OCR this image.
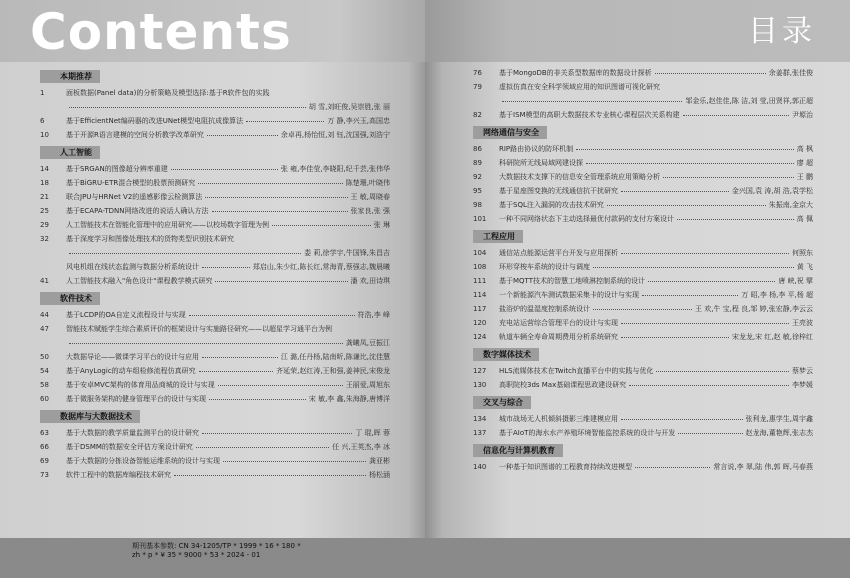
Contents
本期推荐
1	面板数据(Panel data)的分析策略及模型选择:基于R软件包的实践
胡 雪,刘旺俊,吴崇胜,张 丽
6	基于EfficientNet编码器的改进UNet模型电阻抗成像算法	万 静,李兴玉,高国忠
10	基于开源R语言建模的空间分析教学改革研究	余卓再,杨怡恒,刘 钰,沈国强,刘浩宁
人工智能
14	基于SRGAN的图像超分辨率重建	张 雍,李佳莹,李晓阳,纪千芸,张伟华
18	基于BiGRU-ETR混合模型的股票预测研究	陈楚珊,叶晓伟
21	联合JPU与HRNet V2的遥感影像云检测算法	王 敏,周晓春
25	基于ECAPA-TDNN网络改进的说话人确认方法	张家良,张 强
29	人工智能技术在智能化管理中的应用研究——以校场数字管理为例	张 琳
32	基于深度学习和图像处理技术的货物类型识别技术研究
娄 莉,徐学宇,牛国锋,朱昌吉
风电机组在线状态监测与数据分析系统设计	郑启山,朱少红,陈长红,常海青,蔡强志,魏晨曦
41	人工智能技术融入"角色设计"课程教学模式研究	潘 欢,田诗琪
软件技术
44	基于LCDP的OA自定义流程设计与实现	符浩,李 峰
47	智能技术赋能学生综合素质评价的框架设计与实施路径研究——以超星学习通平台为例
龚曦凤,豆振江
50	大数据导论——微课学习平台的设计与应用	江 潞,任丹杨,陆南昕,陈谦比,沈佳慧
54	基于AnyLogic的动车组检修流程仿真研究	齐延荣,赵红涛,王和强,姜神民,宋俊龙
58	基于安卓MVC架构的体育用品商城的设计与实现	王丽爱,周旭东
60	基于微服务架构的健身管理平台的设计与实现	宋 敏,李 鑫,朱海静,唐博洋
数据库与大数据技术
63	基于大数据的教学质量监测平台的设计研究	丁 琨,晖 蓉
66	基于DSMM的数据安全评估方案设计研究	任 兴,王英杰,李 冰
69	基于大数据的分拣设备智能运维系统的设计与实现	龚亚彬
73	软件工程中的数据库编程技术研究	杨松涵
目录
76	基于MongoDB的非关系型数据库的数据设计探析	余姜群,张佳俊
79	虚拟仿真在安全科学领域应用的知识图谱可视化研究
邹金乐,赵佳佳,陈 洁,刘 莹,田贤祥,郭正超
82	基于ISM模型的高职大数据技术专业核心课程层次关系构建	尹塬治
网络通信与安全
86	RIP路由协议的防环机制	高 枫
89	科研院所无线局域网建设探	廖 超
92	大数据技术支撑下的信息安全管理系统应用策略分析	王 鹏
95	基于星座图变换的无线通信抗干扰研究	金兴国,袁 涛,胡 浩,袁学松
98	基于SQL注入漏洞的攻击技术研究	朱振南,金京大
101	一种不同网络状态下主动选择最优付款码的支付方案设计	高 佩
工程应用
104	通信站点能源运营平台开发与应用探析	何照东
108	环形穿梭车系统的设计与调度	黄 飞
111	基于MQTT技术的智慧工地喷淋控制系统的设计	唐 峡,祝 擘
114	一个新能源汽车测试数据采集卡的设计与实现	万 昭,李 杨,李 平,杨 超
117	盐浴炉的温湿度控制系统设计	王 欢,牛 宝,程 良,邹 婷,张宏静,李云云
120	充电站运营综合管理平台的设计与实现	王亮波
124	轨道车辆全寿命周期费用分析系统研究	宋龙龙,宋 红,赵 敏,徐梓红
数字媒体技术
127	HLS流媒体技术在Twitch直播平台中的实践与优化	蔡梦云
130	高职院校3ds Max基础课程思政建设研究	李梦媛
交叉与综合
134	城市战场无人机倾斜摄影三维建模应用	张利龙,惠学生,周宇鑫
137	基于AIoT的海水水产养殖环境智能监控系统的设计与开发	赵龙海,董艳辉,张志杰
信息化与计算机教育
140	一种基于知识图谱的工程教育持续改进模型	常言说,李 翠,陆 伟,郭 晖,马春燕
期刊基本参数: CN 34-1205/TP * 1999 * 16 * 180 *
zh * p * ¥ 35 * 9000 * 53 * 2024 - 01
